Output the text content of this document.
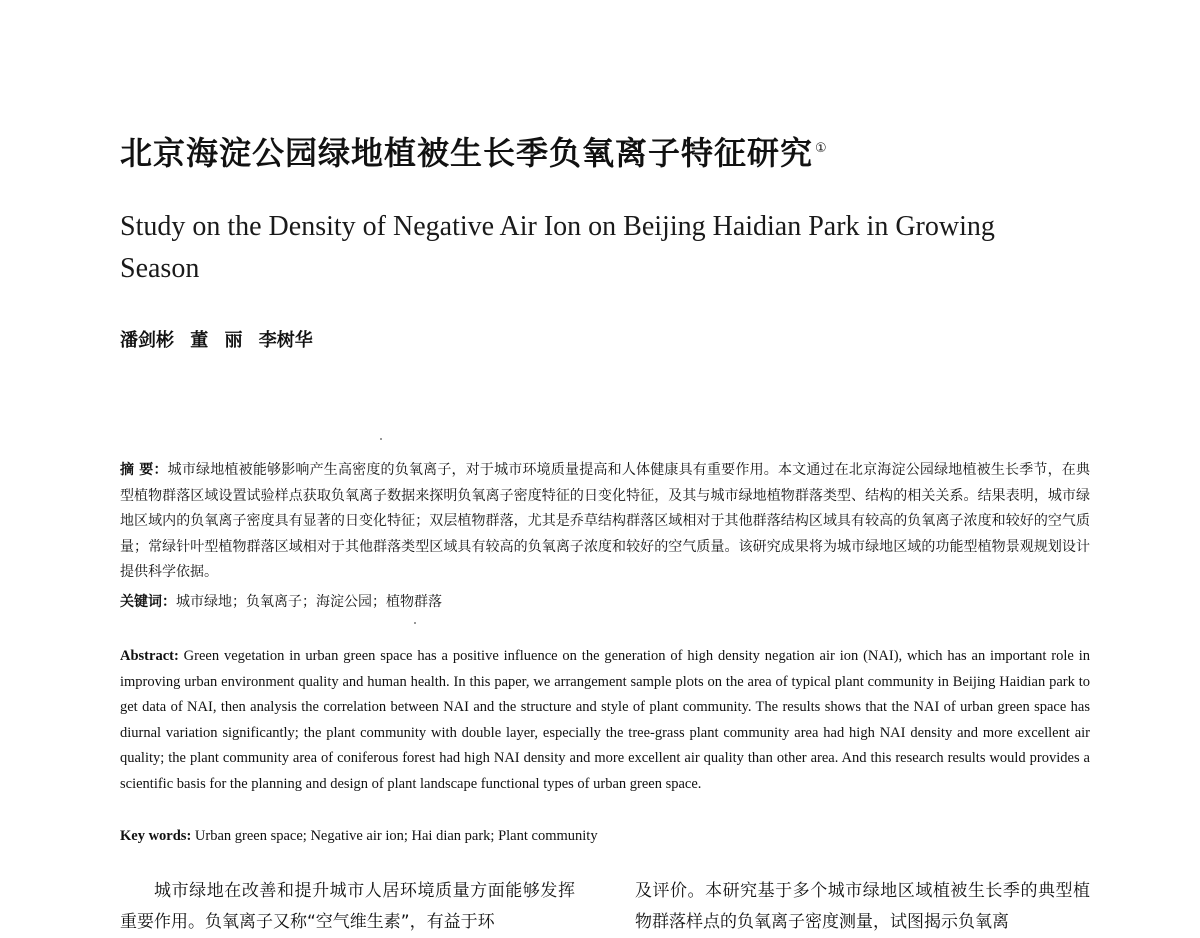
北京海淀公园绿地植被生长季负氧离子特征研究 ①
Study on the Density of Negative Air Ion on Beijing Haidian Park in Growing Season
潘剑彬 董 丽 李树华
摘 要：城市绿地植被能够影响产生高密度的负氧离子，对于城市环境质量提高和人体健康具有重要作用。本文通过在北京海淀公园绿地植被生长季节，在典型植物群落区域设置试验样点获取负氧离子数据来探明负氧离子密度特征的日变化特征，及其与城市绿地植物群落类型、结构的相关关系。结果表明，城市绿地区域内的负氧离子密度具有显著的日变化特征；双层植物群落，尤其是乔草结构群落区域相对于其他群落结构区域具有较高的负氧离子浓度和较好的空气质量；常绿针叶型植物群落区域相对于其他群落类型区域具有较高的负氧离子浓度和较好的空气质量。该研究成果将为城市绿地区域的功能型植物景观规划设计提供科学依据。
关键词：城市绿地；负氧离子；海淀公园；植物群落
Abstract: Green vegetation in urban green space has a positive influence on the generation of high density negation air ion (NAI), which has an important role in improving urban environment quality and human health. In this paper, we arrangement sample plots on the area of typical plant community in Beijing Haidian park to get data of NAI, then analysis the correlation between NAI and the structure and style of plant community. The results shows that the NAI of urban green space has diurnal variation significantly; the plant community with double layer, especially the tree-grass plant community area had high NAI density and more excellent air quality; the plant community area of coniferous forest had high NAI density and more excellent air quality than other area. And this research results would provides a scientific basis for the planning and design of plant landscape functional types of urban green space.
Key words: Urban green space; Negative air ion; Hai dian park; Plant community
城市绿地在改善和提升城市人居环境质量方面能够发挥重要作用。负氧离子又称“空气维生素”，有益于环
及评价。本研究基于多个城市绿地区域植被生长季的典型植物群落样点的负氧离子密度测量，试图揭示负氧离
